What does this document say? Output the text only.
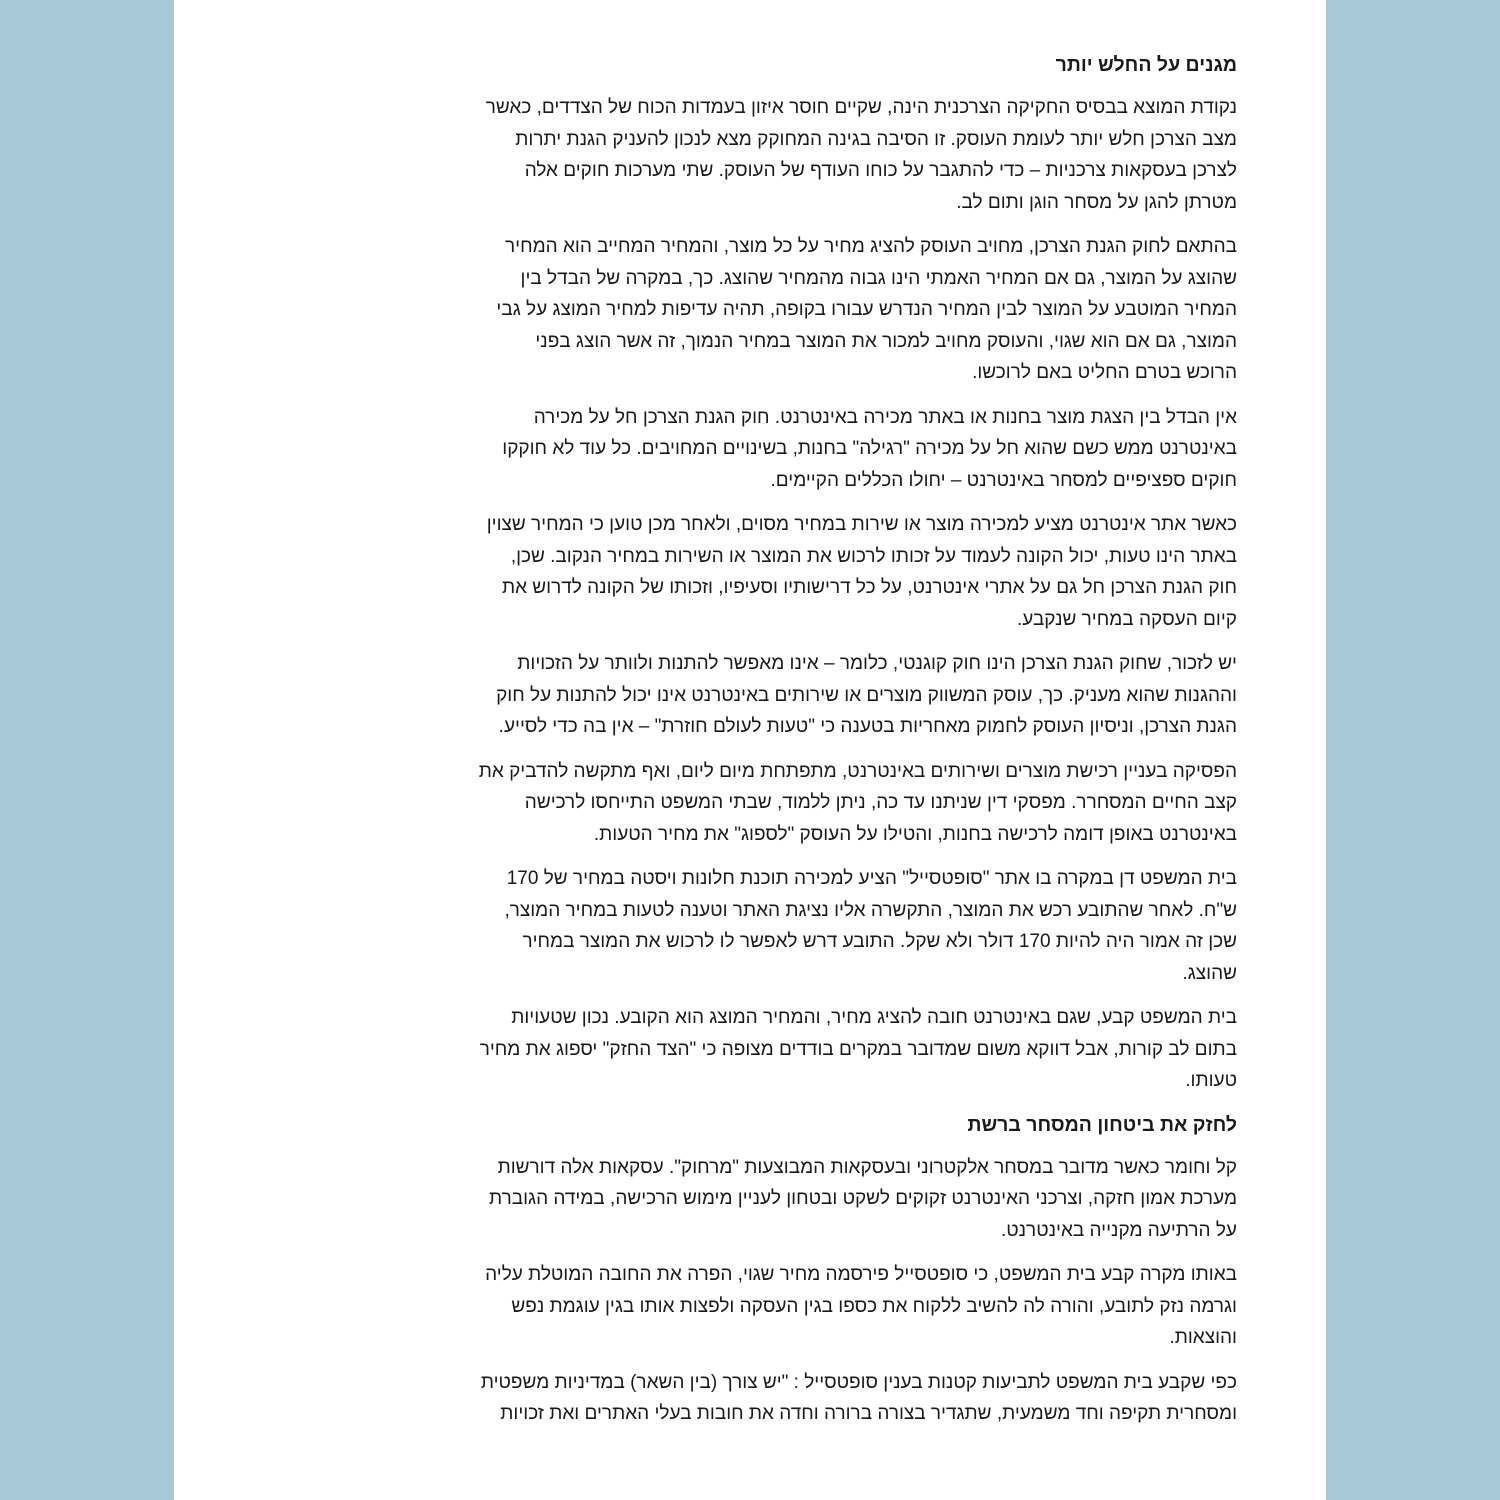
מגנים על החלש יותר

נקודת המוצא בבסיס החקיקה הצרכנית הינה, שקיים חוסר איזון בעמדות הכוח של הצדדים, כאשר
מצב הצרכן חלש יותר לעומת העוסק. זו הסיבה בגינה המחוקק מצא לנכון להעניק הגנת יתרות
לצרכן בעסקאות צרכניות – כדי להתגבר על כוחו העודף של העוסק. שתי מערכות חוקים אלה
מטרתן להגן על מסחר הוגן ותום לב.

בהתאם לחוק הגנת הצרכן, מחויב העוסק להציג מחיר על כל מוצר, והמחיר המחייב הוא המחיר
שהוצג על המוצר, גם אם המחיר האמתי הינו גבוה מהמחיר שהוצג. כך, במקרה של הבדל בין
המחיר המוטבע על המוצר לבין המחיר הנדרש עבורו בקופה, תהיה עדיפות למחיר המוצג על גבי
המוצר, גם אם הוא שגוי, והעוסק מחויב למכור את המוצר במחיר הנמוך, זה אשר הוצג בפני
הרוכש בטרם החליט באם לרוכשו.

אין הבדל בין הצגת מוצר בחנות או באתר מכירה באינטרנט. חוק הגנת הצרכן חל על מכירה
באינטרנט ממש כשם שהוא חל על מכירה "רגילה" בחנות, בשינויים המחויבים. כל עוד לא חוקקו
חוקים ספציפיים למסחר באינטרנט – יחולו הכללים הקיימים.

כאשר אתר אינטרנט מציע למכירה מוצר או שירות במחיר מסוים, ולאחר מכן טוען כי המחיר שצוין
באתר הינו טעות, יכול הקונה לעמוד על זכותו לרכוש את המוצר או השירות במחיר הנקוב. שכן,
חוק הגנת הצרכן חל גם על אתרי אינטרנט, על כל דרישותיו וסעיפיו, וזכותו של הקונה לדרוש את
קיום העסקה במחיר שנקבע.

יש לזכור, שחוק הגנת הצרכן הינו חוק קוגנטי, כלומר – אינו מאפשר להתנות ולוותר על הזכויות
וההגנות שהוא מעניק. כך, עוסק המשווק מוצרים או שירותים באינטרנט אינו יכול להתנות על חוק
הגנת הצרכן, וניסיון העוסק לחמוק מאחריות בטענה כי "טעות לעולם חוזרת" – אין בה כדי לסייע.

הפסיקה בעניין רכישת מוצרים ושירותים באינטרנט, מתפתחת מיום ליום, ואף מתקשה להדביק את
קצב החיים המסחרר. מפסקי דין שניתנו עד כה, ניתן ללמוד, שבתי המשפט התייחסו לרכישה
באינטרנט באופן דומה לרכישה בחנות, והטילו על העוסק "לספוג" את מחיר הטעות.

בית המשפט דן במקרה בו אתר "סופטסייל" הציע למכירה תוכנת חלונות ויסטה במחיר של 170
ש"ח. לאחר שהתובע רכש את המוצר, התקשרה אליו נציגת האתר וטענה לטעות במחיר המוצר,
שכן זה אמור היה להיות 170 דולר ולא שקל. התובע דרש לאפשר לו לרכוש את המוצר במחיר
שהוצג.

בית המשפט קבע, שגם באינטרנט חובה להציג מחיר, והמחיר המוצג הוא הקובע. נכון שטעויות
בתום לב קורות, אבל דווקא משום שמדובר במקרים בודדים מצופה כי "הצד החזק" יספוג את מחיר
טעותו.

לחזק את ביטחון המסחר ברשת

קל וחומר כאשר מדובר במסחר אלקטרוני ובעסקאות המבוצעות "מרחוק". עסקאות אלה דורשות
מערכת אמון חזקה, וצרכני האינטרנט זקוקים לשקט ובטחון לעניין מימוש הרכישה, במידה הגוברת
על הרתיעה מקנייה באינטרנט.

באותו מקרה קבע בית המשפט, כי סופטסייל פירסמה מחיר שגוי, הפרה את החובה המוטלת עליה
וגרמה נזק לתובע, והורה לה להשיב ללקוח את כספו בגין העסקה ולפצות אותו בגין עוגמת נפש
והוצאות.

כפי שקבע בית המשפט לתביעות קטנות בענין סופטסייל : "יש צורך (בין השאר) במדיניות משפטית
ומסחרית תקיפה וחד משמעית, שתגדיר בצורה ברורה וחדה את חובות בעלי האתרים ואת זכויות
